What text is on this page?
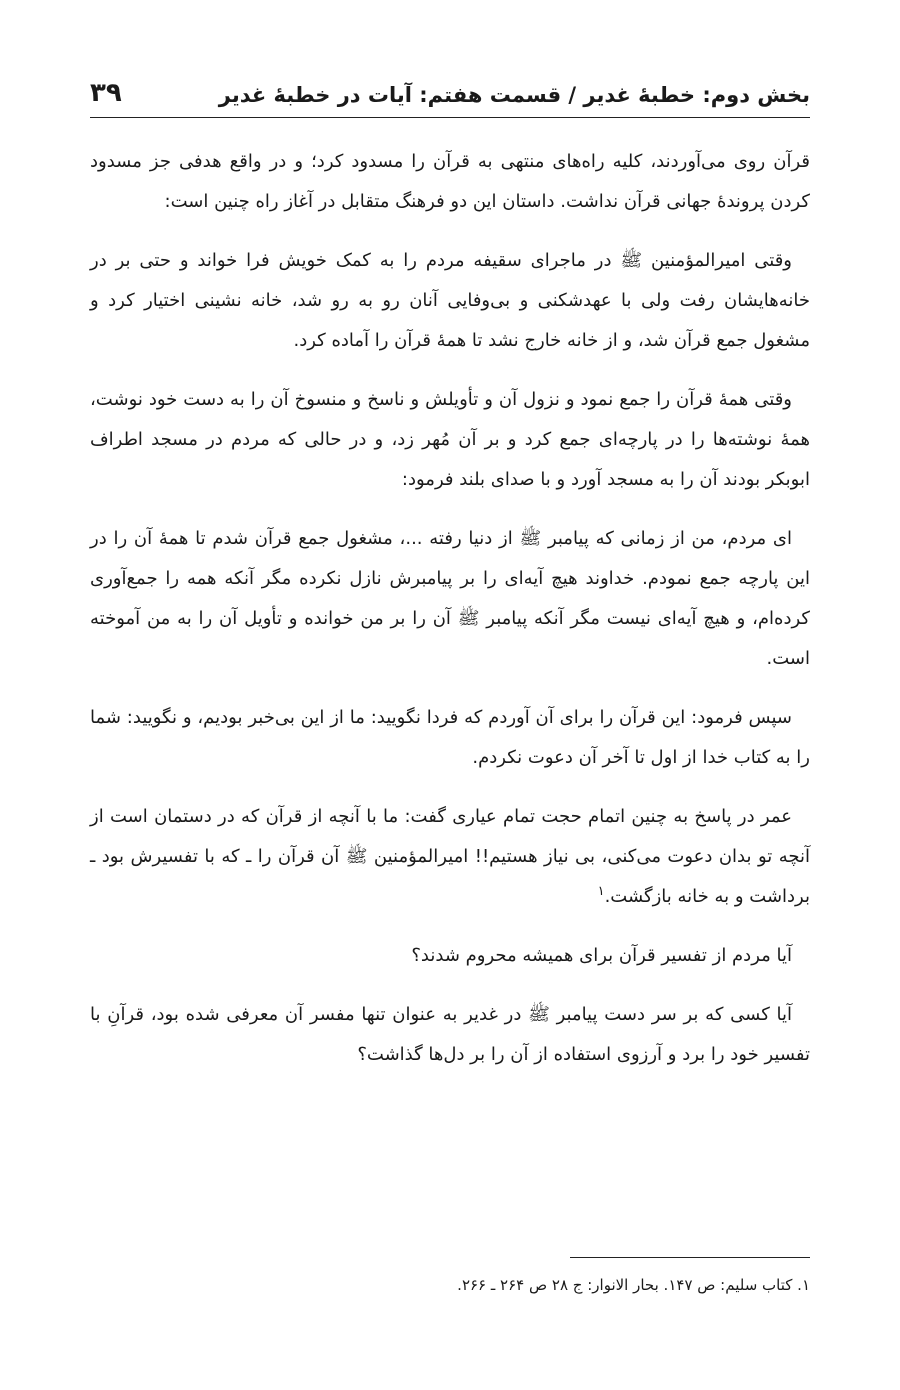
بخش دوم: خطبهٔ غدیر / قسمت هفتم: آیات در خطبهٔ غدیر
۳۹

قرآن روی می‌آوردند، کلیه راه‌های منتهی به قرآن را مسدود کرد؛ و در واقع هدفی جز مسدود کردن پروندهٔ جهانی قرآن نداشت. داستان این دو فرهنگ متقابل در آغاز راه چنین است:

وقتی امیرالمؤمنین ﷺ در ماجرای سقیفه مردم را به کمک خویش فرا خواند و حتی بر در خانه‌هایشان رفت ولی با عهدشکنی و بی‌وفایی آنان رو به رو شد، خانه نشینی اختیار کرد و مشغول جمع قرآن شد، و از خانه خارج نشد تا همهٔ قرآن را آماده کرد.

وقتی همهٔ قرآن را جمع نمود و نزول آن و تأویلش و ناسخ و منسوخ آن را به دست خود نوشت، همهٔ نوشته‌ها را در پارچه‌ای جمع کرد و بر آن مُهر زد، و در حالی که مردم در مسجد اطراف ابوبکر بودند آن را به مسجد آورد و با صدای بلند فرمود:

ای مردم، من از زمانی که پیامبر ﷺ از دنیا رفته ...، مشغول جمع قرآن شدم تا همهٔ آن را در این پارچه جمع نمودم. خداوند هیچ آیه‌ای را بر پیامبرش نازل نکرده مگر آنکه همه را جمع‌آوری کرده‌ام، و هیچ آیه‌ای نیست مگر آنکه پیامبر ﷺ آن را بر من خوانده و تأویل آن را به من آموخته است.

سپس فرمود: این قرآن را برای آن آوردم که فردا نگویید: ما از این بی‌خبر بودیم، و نگویید: شما را به کتاب خدا از اول تا آخر آن دعوت نکردم.

عمر در پاسخ به چنین اتمام حجت تمام عیاری گفت: ما با آنچه از قرآن که در دستمان است از آنچه تو بدان دعوت می‌کنی، بی نیاز هستیم!! امیرالمؤمنین ﷺ آن قرآن را ـ که با تفسیرش بود ـ برداشت و به خانه بازگشت.$^۱$

آیا مردم از تفسیر قرآن برای همیشه محروم شدند؟

آیا کسی که بر سر دست پیامبر ﷺ در غدیر به عنوان تنها مفسر آن معرفی شده بود، قرآنِ با تفسیر خود را برد و آرزوی استفاده از آن را بر دل‌ها گذاشت؟

۱. کتاب سلیم: ص ۱۴۷. بحار الانوار: ج ۲۸ ص ۲۶۴ ـ ۲۶۶.
